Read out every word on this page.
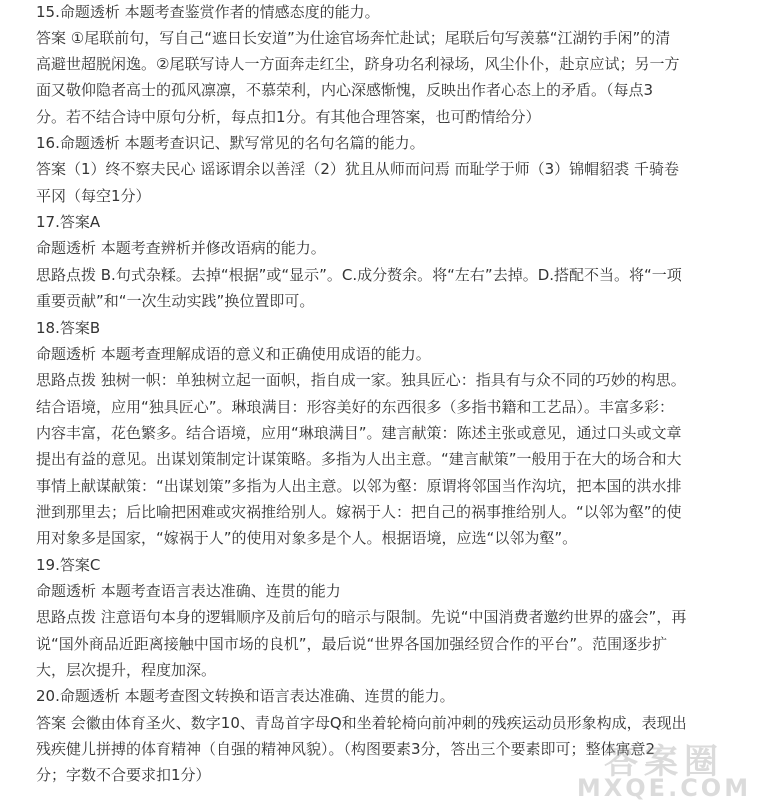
15.命题透析 本题考查鉴赏作者的情感态度的能力。
答案 ①尾联前句，写自己“遮日长安道”为仕途官场奔忙赴试；尾联后句写羡慕“江湖钓手闲”的清
高避世超脱闲逸。②尾联写诗人一方面奔走红尘，跻身功名利禄场，风尘仆仆，赴京应试；另一方
面又敬仰隐者高士的孤风凛凛，不慕荣利，内心深感惭愧，反映出作者心态上的矛盾。（每点3
分。若不结合诗中原句分析，每点扣1分。有其他合理答案，也可酌情给分）
16.命题透析 本题考查识记、默写常见的名句名篇的能力。
答案（1）终不察夫民心 谣诼谓余以善淫（2）犹且从师而问焉 而耻学于师（3）锦帽貂裘 千骑卷
平冈（每空1分）
17.答案A
命题透析 本题考查辨析并修改语病的能力。
思路点拨 B.句式杂糅。去掉“根据”或“显示”。C.成分赘余。将“左右”去掉。D.搭配不当。将“一项
重要贡献”和“一次生动实践”换位置即可。
18.答案B
命题透析 本题考查理解成语的意义和正确使用成语的能力。
思路点拨 独树一帜：单独树立起一面帜，指自成一家。独具匠心：指具有与众不同的巧妙的构思。
结合语境，应用“独具匠心”。琳琅满目：形容美好的东西很多（多指书籍和工艺品）。丰富多彩：
内容丰富，花色繁多。结合语境，应用“琳琅满目”。建言献策：陈述主张或意见，通过口头或文章
提出有益的意见。出谋划策制定计谋策略。多指为人出主意。“建言献策”一般用于在大的场合和大
事情上献谋献策：“出谋划策”多指为人出主意。以邻为壑：原谓将邻国当作沟坑，把本国的洪水排
泄到那里去；后比喻把困难或灾祸推给别人。嫁祸于人：把自己的祸事推给别人。“以邻为壑”的使
用对象多是国家，“嫁祸于人”的使用对象多是个人。根据语境，应选“以邻为壑”。
19.答案C
命题透析 本题考查语言表达准确、连贯的能力
思路点拨 注意语句本身的逻辑顺序及前后句的暗示与限制。先说“中国消费者邀约世界的盛会”，再
说“国外商品近距离接触中国市场的良机”，最后说“世界各国加强经贸合作的平台”。范围逐步扩
大，层次提升，程度加深。
20.命题透析 本题考查图文转换和语言表达准确、连贯的能力。
答案 会徽由体育圣火、数字10、青岛首字母Q和坐着轮椅向前冲刺的残疾运动员形象构成，表现出
残疾健儿拼搏的体育精神（自强的精神风貌）。（构图要素3分，答出三个要素即可；整体寓意2
分；字数不合要求扣1分）	答案圈
MXQE.COM
